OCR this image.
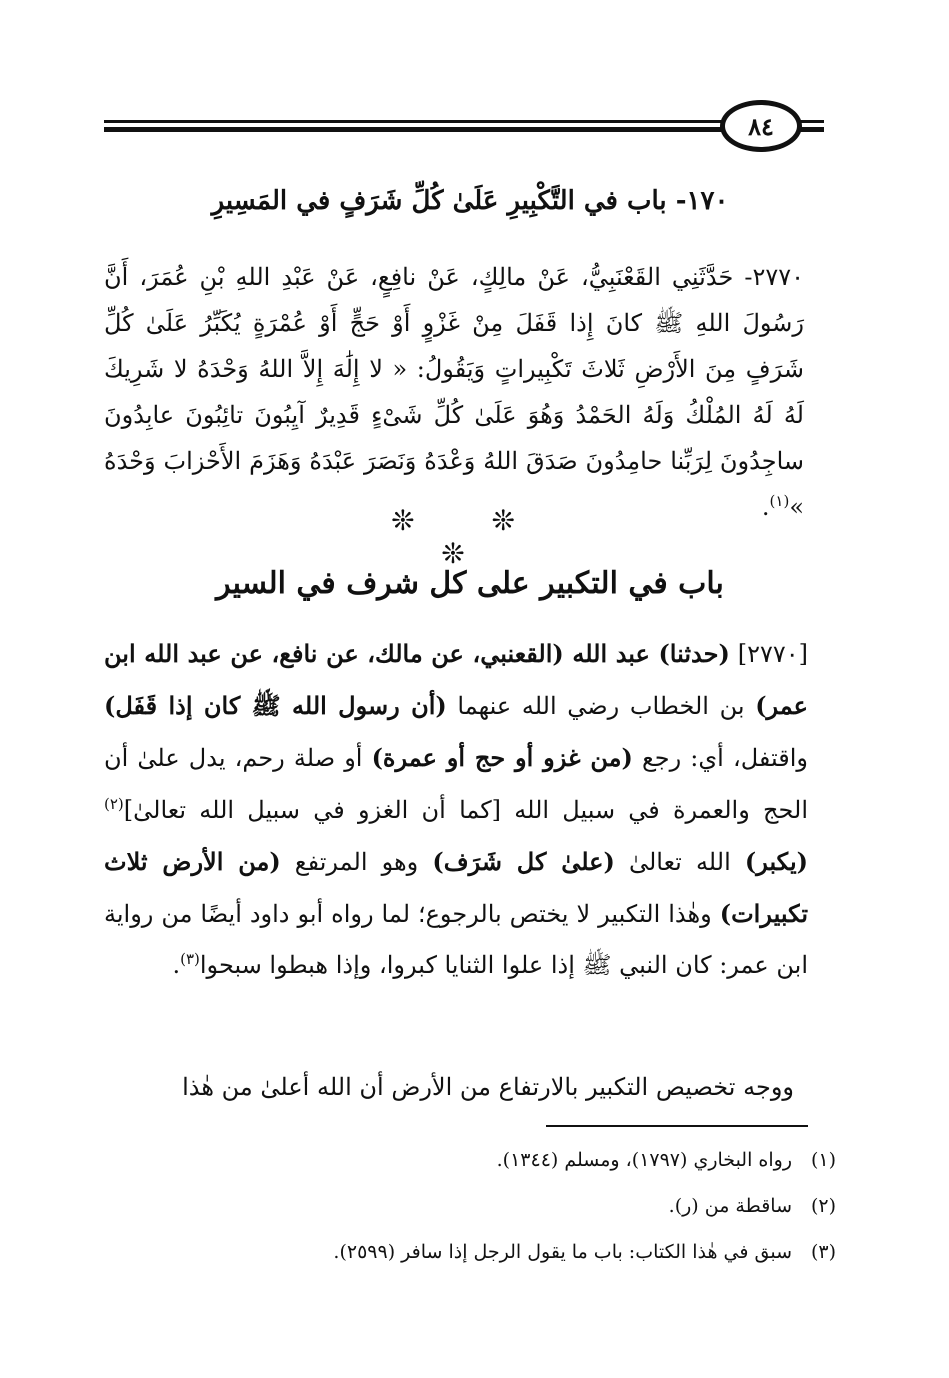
٨٤
١٧٠- باب في التَّكْبِيرِ عَلَىٰ كُلِّ شَرَفٍ في المَسِيرِ
٢٧٧٠- حَدَّثَنِي القَعْنَبِيُّ، عَنْ مالِكٍ، عَنْ نافِعٍ، عَنْ عَبْدِ اللهِ بْنِ عُمَرَ، أَنَّ رَسُولَ اللهِ ﷺ كانَ إِذا قَفَلَ مِنْ غَزْوٍ أَوْ حَجٍّ أَوْ عُمْرَةٍ يُكَبِّرُ عَلَىٰ كُلِّ شَرَفٍ مِنَ الأَرْضِ ثَلاثَ تَكْبِيراتٍ وَيَقُولُ: « لا إِلَٰهَ إِلاَّ اللهُ وَحْدَهُ لا شَرِيكَ لَهُ لَهُ المُلْكُ وَلَهُ الحَمْدُ وَهُوَ عَلَىٰ كُلِّ شَىْءٍ قَدِيرٌ آيِبُونَ تائِبُونَ عابِدُونَ ساجِدُونَ لِرَبِّنا حامِدُونَ صَدَقَ اللهُ وَعْدَهُ وَنَصَرَ عَبْدَهُ وَهَزَمَ الأَحْزابَ وَحْدَهُ »$^{(١)}$.
❊ ❊ ❊
باب في التكبير على كل شرف في السير
[٢٧٧٠] (حدثنا) عبد الله (القعنبي، عن مالك، عن نافع، عن عبد الله ابن عمر) بن الخطاب رضي الله عنهما (أن رسول الله ﷺ كان إذا قَفَل) واقتفل، أي: رجع (من غزو أو حج أو عمرة) أو صلة رحم، يدل علىٰ أن الحج والعمرة في سبيل الله [كما أن الغزو في سبيل الله تعالىٰ]$^{(٢)}$ (يكبر) الله تعالىٰ (علىٰ كل شَرَف) وهو المرتفع (من الأرض ثلاث تكبيرات) وهٰذا التكبير لا يختص بالرجوع؛ لما رواه أبو داود أيضًا من رواية ابن عمر: كان النبي ﷺ إذا علوا الثنايا كبروا، وإذا هبطوا سبحوا$^{(٣)}$.
ووجه تخصيص التكبير بالارتفاع من الأرض أن الله أعلىٰ من هٰذا
(١)رواه البخاري (١٧٩٧)، ومسلم (١٣٤٤).
(٢)ساقطة من (ر).
(٣)سبق في هٰذا الكتاب: باب ما يقول الرجل إذا سافر (٢٥٩٩).
